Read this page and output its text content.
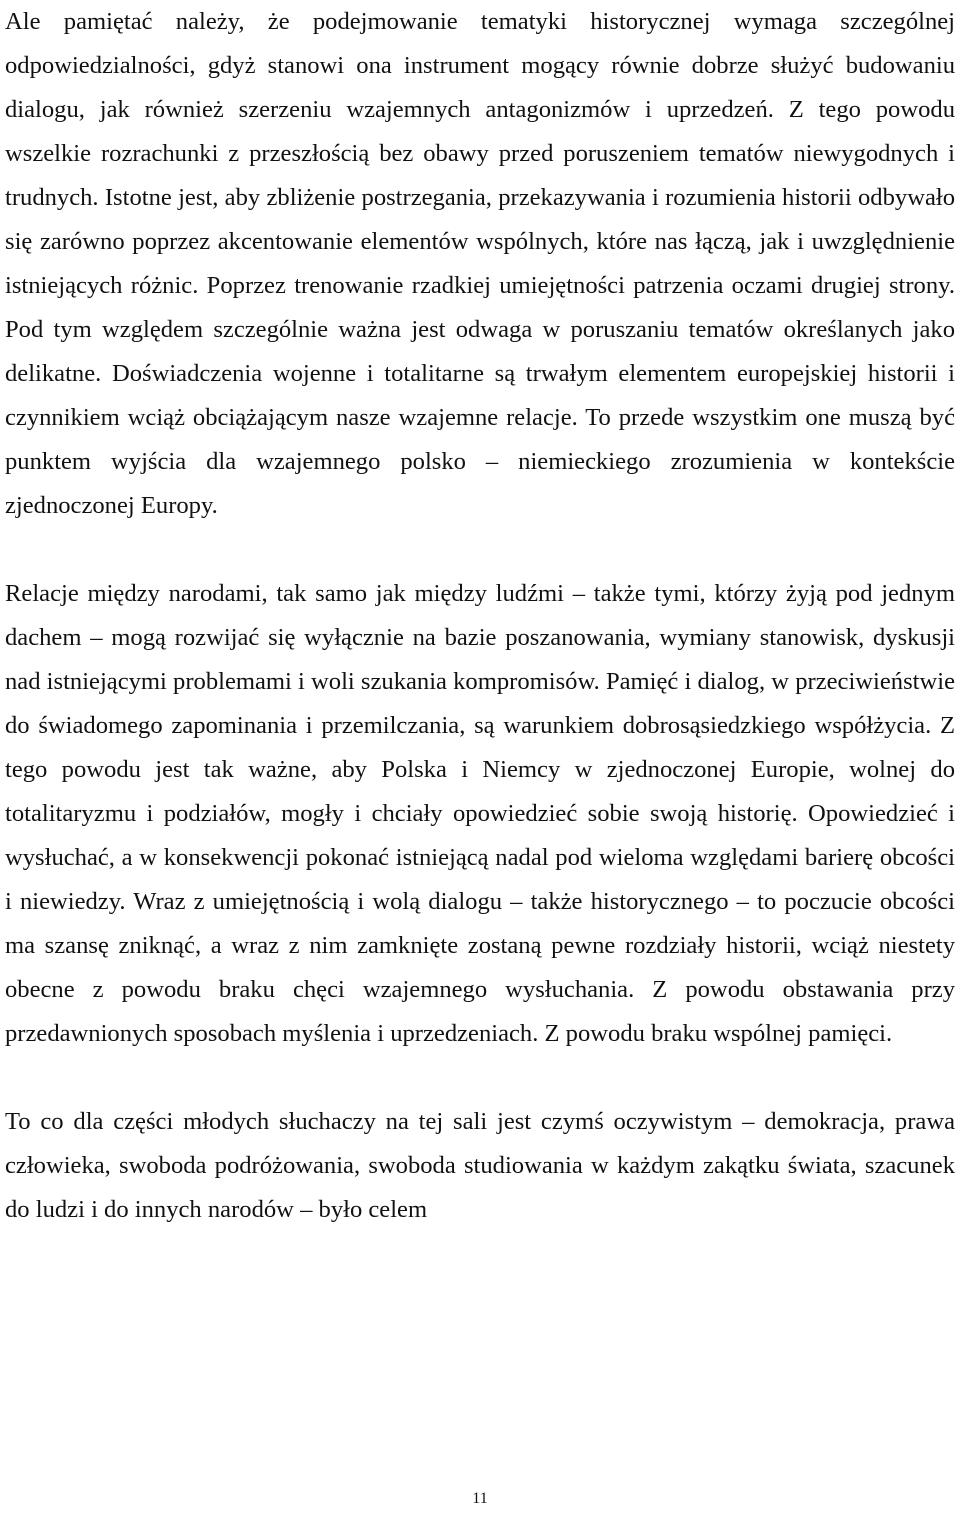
Ale pamiętać należy, że podejmowanie tematyki historycznej wymaga szczególnej odpowiedzialności, gdyż stanowi ona instrument mogący równie dobrze służyć budowaniu dialogu, jak również szerzeniu wzajemnych antagonizmów i uprzedzeń. Z tego powodu wszelkie rozrachunki z przeszłością bez obawy przed poruszeniem tematów niewygodnych i trudnych. Istotne jest, aby zbliżenie postrzegania, przekazywania i rozumienia historii odbywało się zarówno poprzez akcentowanie elementów wspólnych, które nas łączą, jak i uwzględnienie istniejących różnic. Poprzez trenowanie rzadkiej umiejętności patrzenia oczami drugiej strony. Pod tym względem szczególnie ważna jest odwaga w poruszaniu tematów określanych jako delikatne. Doświadczenia wojenne i totalitarne są trwałym elementem europejskiej historii i czynnikiem wciąż obciążającym nasze wzajemne relacje. To przede wszystkim one muszą być punktem wyjścia dla wzajemnego polsko – niemieckiego zrozumienia w kontekście zjednoczonej Europy.

Relacje między narodami, tak samo jak między ludźmi – także tymi, którzy żyją pod jednym dachem – mogą rozwijać się wyłącznie na bazie poszanowania, wymiany stanowisk, dyskusji nad istniejącymi problemami i woli szukania kompromisów. Pamięć i dialog, w przeciwieństwie do świadomego zapominania i przemilczania, są warunkiem dobrosąsiedzkiego współżycia. Z tego powodu jest tak ważne, aby Polska i Niemcy w zjednoczonej Europie, wolnej do totalitaryzmu i podziałów, mogły i chciały opowiedzieć sobie swoją historię. Opowiedzieć i wysłuchać, a w konsekwencji pokonać istniejącą nadal pod wieloma względami barierę obcości i niewiedzy. Wraz z umiejętnością i wolą dialogu – także historycznego – to poczucie obcości ma szansę zniknąć, a wraz z nim zamknięte zostaną pewne rozdziały historii, wciąż niestety obecne z powodu braku chęci wzajemnego wysłuchania. Z powodu obstawania przy przedawnionych sposobach myślenia i uprzedzeniach. Z powodu braku wspólnej pamięci.

To co dla części młodych słuchaczy na tej sali jest czymś oczywistym – demokracja, prawa człowieka, swoboda podróżowania, swoboda studiowania w każdym zakątku świata, szacunek do ludzi i do innych narodów – było celem

11
